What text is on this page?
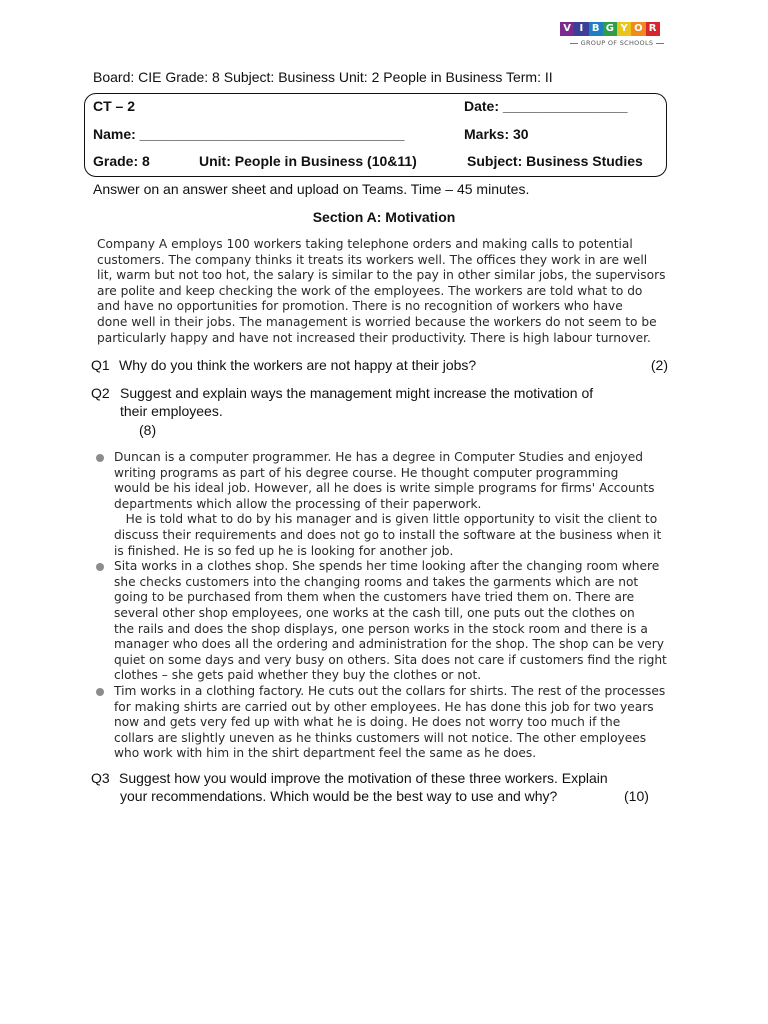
V I B G Y O R
GROUP OF SCHOOLS
Board: CIE Grade: 8 Subject: Business Unit: 2 People in Business Term: II
CT – 2	Date: ________________
Name: __________________________________	Marks: 30
Grade: 8	Unit: People in Business (10&11)	Subject: Business Studies
Answer on an answer sheet and upload on Teams. Time – 45 minutes.
Section A: Motivation
Company A employs 100 workers taking telephone orders and making calls to potential
customers. The company thinks it treats its workers well. The offices they work in are well
lit, warm but not too hot, the salary is similar to the pay in other similar jobs, the supervisors
are polite and keep checking the work of the employees. The workers are told what to do
and have no opportunities for promotion. There is no recognition of workers who have
done well in their jobs. The management is worried because the workers do not seem to be
particularly happy and have not increased their productivity. There is high labour turnover.
Q1 Why do you think the workers are not happy at their jobs?	(2)
Q2 Suggest and explain ways the management might increase the motivation of
their employees.
(8)
Duncan is a computer programmer. He has a degree in Computer Studies and enjoyed
writing programs as part of his degree course. He thought computer programming
would be his ideal job. However, all he does is write simple programs for firms' Accounts
departments which allow the processing of their paperwork.
He is told what to do by his manager and is given little opportunity to visit the client to
discuss their requirements and does not go to install the software at the business when it
is finished. He is so fed up he is looking for another job.
Sita works in a clothes shop. She spends her time looking after the changing room where
she checks customers into the changing rooms and takes the garments which are not
going to be purchased from them when the customers have tried them on. There are
several other shop employees, one works at the cash till, one puts out the clothes on
the rails and does the shop displays, one person works in the stock room and there is a
manager who does all the ordering and administration for the shop. The shop can be very
quiet on some days and very busy on others. Sita does not care if customers find the right
clothes – she gets paid whether they buy the clothes or not.
Tim works in a clothing factory. He cuts out the collars for shirts. The rest of the processes
for making shirts are carried out by other employees. He has done this job for two years
now and gets very fed up with what he is doing. He does not worry too much if the
collars are slightly uneven as he thinks customers will not notice. The other employees
who work with him in the shirt department feel the same as he does.
Q3 Suggest how you would improve the motivation of these three workers. Explain
your recommendations. Which would be the best way to use and why?	(10)
